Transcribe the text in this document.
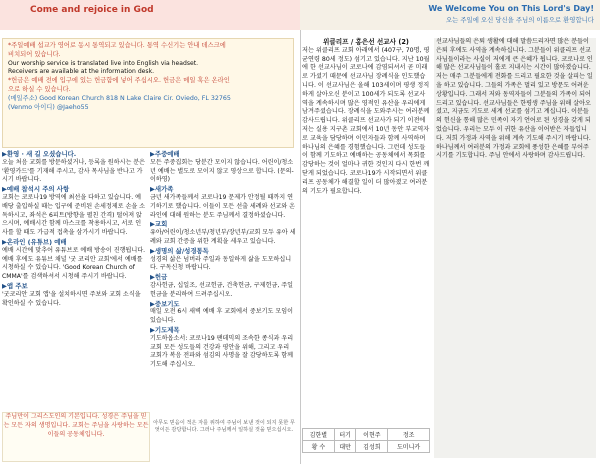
Come and rejoice in God	We Welcome You on This Lord's Day!
오는 주일에 오신 당신을 주님의 이름으로 환영합니다

*주일예배 섭교가 영어로 동시 통역되고 있습니다. 통역 수신기는 안내 데스크에

비치되어 있습니다.

Our worship service is translated live into English via headset.

Receivers are available at the information desk.

*헌금은 예배 전에 입구에 있는 헌금함에 넣어 주십시오. 헌금은 메일 혹은 온라인

으로 하실 수 있습니다.

(메일주소) Good Korean Church 818 N Lake Claire Cir. Oviedo, FL 32765

(Venmo 아이디) @Jaeho55

▶환영 · 새 길 오셨습니다.

오늘 처음 교회를 방문하셨거나, 등록을 원하시는 분은 '환영카드'를 기재해 주시고, 감사 목사님을 반나고 가시기 바랍니다.

▶예배 참석시 주의 사항

교회는 코로나19 방역에 최선을 다하고 있습니다. 예배당 출입하실 때는 입구에 준비된 손세정제로 손을 소독하시고, 좌석은 6피트(방향을 펼친 간격) 떨어져 앉으시며, 예배시간 함께 마스크를 착용하시고, 서로 인사를 할 때도 가급적 접촉을 삼가시기 바랍니다.

▶온라인 (유튜브) 예배

예배 시간에 맞추어 유튜브로 예배 방송이 진행됩니다. 예배 후에도 유튜브 채널 '굿 코리안 교회'에서 예배를 시청하실 수 있습니다. 'Good Korean Church of CMMA'를 검색하셔서 시청해 주시기 바랍니다.

▶앱 주보

'굿코리안 교회 앱'을 설치하시면 주보와 교회 소식을 확인하실 수 있습니다.

▶주중예배

모든 주중집회는 당분간 모이지 않습니다. 어린이/청소년 예배는 별도로 모이지 않고 영상으로 합니다. (문의-이하영)

▶새가족

금년 새가족들께서 코로나19 문제가 안정될 때까지 연기하기로 했습니다. 이들이 모든 선출 세례와 선교와 온라인에 대해 원하는 분도 주님께서 결정하셨습니다.

▶교회

유아/어린이/청소년부/청년부/장년부/교회 모두 유아 세례와 교회 간증을 위한 계획을 세우고 있습니다.

▶생명의 삶/성경통독

성경의 삶은 넘버라 주일과 동일하게 삶을 도모하십니다. 구독신청 바랍니다.

▶헌금

감사헌금, 십일조, 선교헌금, 건축헌금, 구제헌금, 주일헌금을 분리하여 드려주십시오.

▶중보기도

매일 오전 6시 새벽 예배 후 교회에서 중보기도 모임이 있습니다.

▶기도제목

기도하옵소서: 코로나19 팬데믹의 조속한 종식과 우리 교회 모든 성도들의 건강과 평안을 위해, 그리고 우리 교회가 복음 전파와 섬김의 사명을 잘 감당하도록 함께 기도해 주십시오.

주님만이 그리스도인의 기본입니다. 성경은 주님을 믿는 모든 자의 생명입니다. 교회는 주님을 사랑하는 모든 이들의 공동체입니다.
아무도 믿음이 적은 자를 위하여 주님이 보낸 것이 되지 못한 무엇이든 감당합니다. 그러나 주님께서 일하실 것을 믿으십시오.
위클리프 / 홍은선 선교사 (2)

저는 위클리프 교회 아래에서 (407구, 70명, 평균연령 80세 정도) 섬기고 있습니다. 지난 10월에 한 선교사님이 코로나에 감염되셔서 곧 미래로 가셨기 때문에 선교사님 장례식을 인도했습니다. 이 선교사님은 올해 103세이며 평생 정직하게 살아오신 분이고 100세가 되도록 선교사역을 계속하시며 많은 영적인 유산을 우리에게 남겨주셨습니다. 장례식을 도와주시는 여러분께 감사드립니다. 위클리프 선교사가 되기 이전에 저는 실용 지구촌 교회에서 10년 동안 부교역자로 교육을 담당하며 이민자들과 함께 사역하며 하나님의 은혜를 경험했습니다. 그런데 성도들이 함께 기도하고 예배하는 공동체에서 목회를 감당하는 것이 얼마나 귀한 것인지 다시 한번 깨닫게 되었습니다. 코로나19가 시작되면서 위클리프 공동체가 해결할 일이 더 많아졌고 여러분의 기도가 필요합니다.

선교사님들의 은퇴 생활에 대해 말씀드리자면 많은 분들이 은퇴 후에도 사역을 계속하십니다. 그분들이 위클리프 선교사님들이라는 사실이 저에게 큰 은혜가 됩니다. 코로나로 인해 많은 선교사님들이 홀로 지내시는 시간이 많아졌습니다. 저는 매주 그분들에게 전화를 드리고 필요한 것을 살피는 일을 하고 있습니다. 그들의 가족은 멀리 있고 방문도 어려운 상황입니다. 그래서 저와 동역자들이 그분들의 가족이 되어 드리고 있습니다. 선교사님들은 한평생 주님을 위해 살아오셨고, 지금도 기도로 세계 선교를 섬기고 계십니다. 이분들의 헌신을 통해 많은 민족이 자기 언어로 된 성경을 갖게 되었습니다. 우리는 모두 이 귀한 유산을 이어받은 자들입니다. 저희 가정과 사역을 위해 계속 기도해 주시기 바랍니다. 하나님께서 여러분의 가정과 교회에 풍성한 은혜를 부어주시기를 기도합니다. 주님 안에서 사랑하며 감사드립니다.

김한별	터기	이현주	정조
황 수	대만	김성희	도미니카
